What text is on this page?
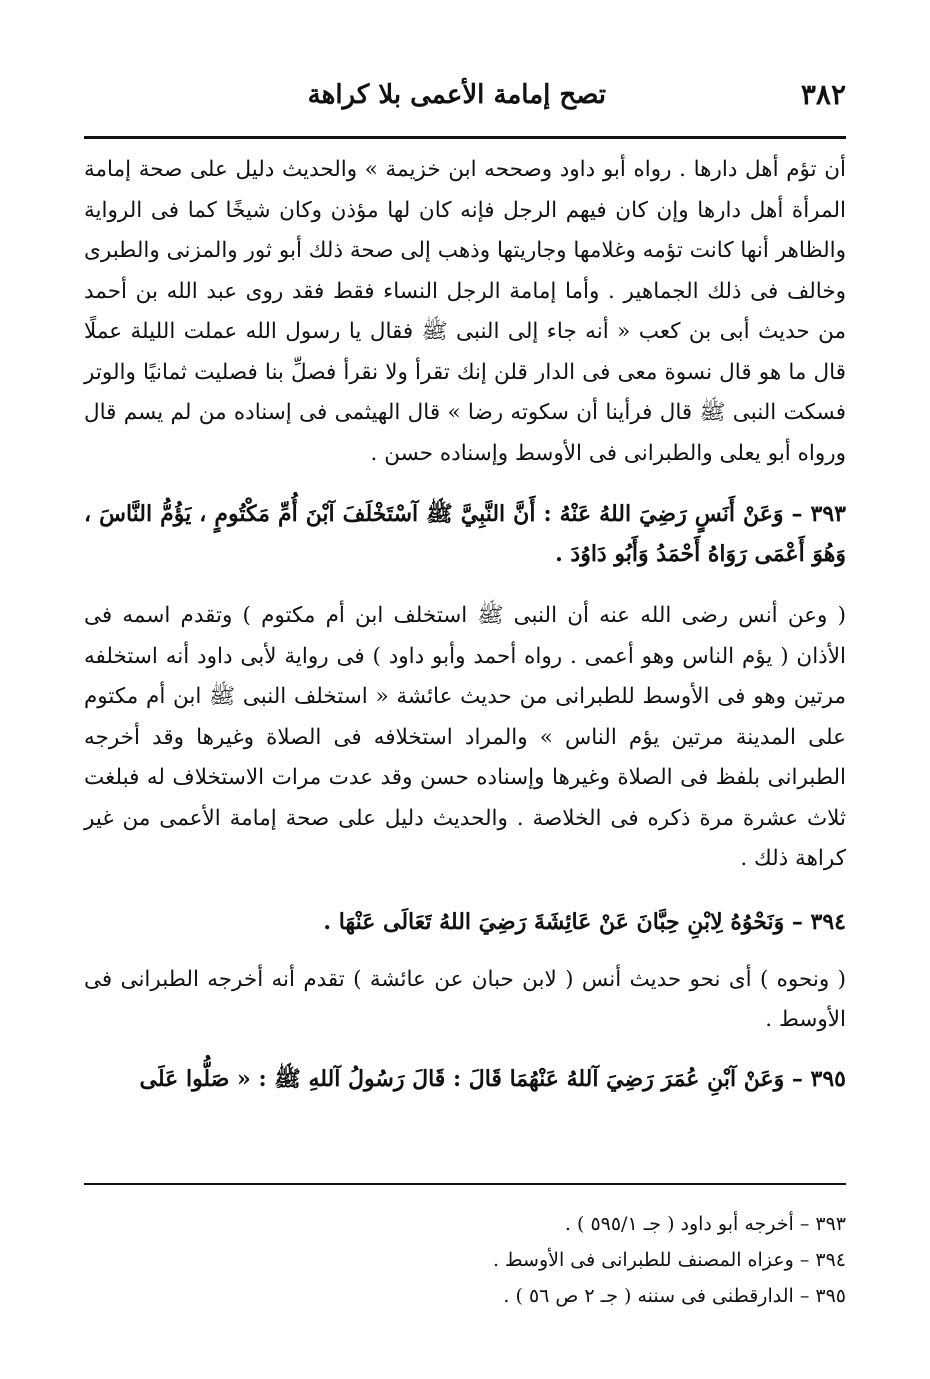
٣٨٢
تصح إمامة الأعمى بلا كراهة

أن تؤم أهل دارها . رواه أبو داود وصححه ابن خزيمة » والحديث دليل على صحة إمامة المرأة أهل دارها وإن كان فيهم الرجل فإنه كان لها مؤذن وكان شيخًا كما فى الرواية والظاهر أنها كانت تؤمه وغلامها وجاريتها وذهب إلى صحة ذلك أبو ثور والمزنى والطبرى وخالف فى ذلك الجماهير . وأما إمامة الرجل النساء فقط فقد روى عبد الله بن أحمد من حديث أبى بن كعب « أنه جاء إلى النبى ﷺ فقال يا رسول الله عملت الليلة عملًا قال ما هو قال نسوة معى فى الدار قلن إنك تقرأ ولا نقرأ فصلِّ بنا فصليت ثمانيًا والوتر فسكت النبى ﷺ قال فرأينا أن سكوته رضا » قال الهيثمى فى إسناده من لم يسم قال ورواه أبو يعلى والطبرانى فى الأوسط وإسناده حسن .

٣٩٣ – وَعَنْ أَنَسٍ رَضِيَ اللهُ عَنْهُ : أَنَّ النَّبِيَّ ﷺ آسْتَخْلَفَ آبْنَ أُمِّ مَكْتُومٍ ، يَؤُمُّ النَّاسَ ، وَهُوَ أَعْمَى رَوَاهُ أَحْمَدُ وَأَبُو دَاوُدَ .

( وعن أنس رضى الله عنه أن النبى ﷺ استخلف ابن أم مكتوم ) وتقدم اسمه فى الأذان ( يؤم الناس وهو أعمى . رواه أحمد وأبو داود ) فى رواية لأبى داود أنه استخلفه مرتين وهو فى الأوسط للطبرانى من حديث عائشة « استخلف النبى ﷺ ابن أم مكتوم على المدينة مرتين يؤم الناس » والمراد استخلافه فى الصلاة وغيرها وقد أخرجه الطبرانى بلفظ فى الصلاة وغيرها وإسناده حسن وقد عدت مرات الاستخلاف له فبلغت ثلاث عشرة مرة ذكره فى الخلاصة . والحديث دليل على صحة إمامة الأعمى من غير كراهة ذلك .

٣٩٤ – وَنَحْوُهُ لِابْنِ حِبَّانَ عَنْ عَائِشَةَ رَضِيَ اللهُ تَعَالَى عَنْهَا .

( ونحوه ) أى نحو حديث أنس ( لابن حبان عن عائشة ) تقدم أنه أخرجه الطبرانى فى الأوسط .

٣٩٥ – وَعَنْ آبْنِ عُمَرَ رَضِيَ آللهُ عَنْهُمَا قَالَ : قَالَ رَسُولُ آللهِ ﷺ : « صَلُّوا عَلَى

٣٩٣ – أخرجه أبو داود ( جـ ٥٩٥/١ ) .
٣٩٤ – وعزاه المصنف للطبرانى فى الأوسط .
٣٩٥ – الدارقطنى فى سننه ( جـ ٢ ص ٥٦ ) .
